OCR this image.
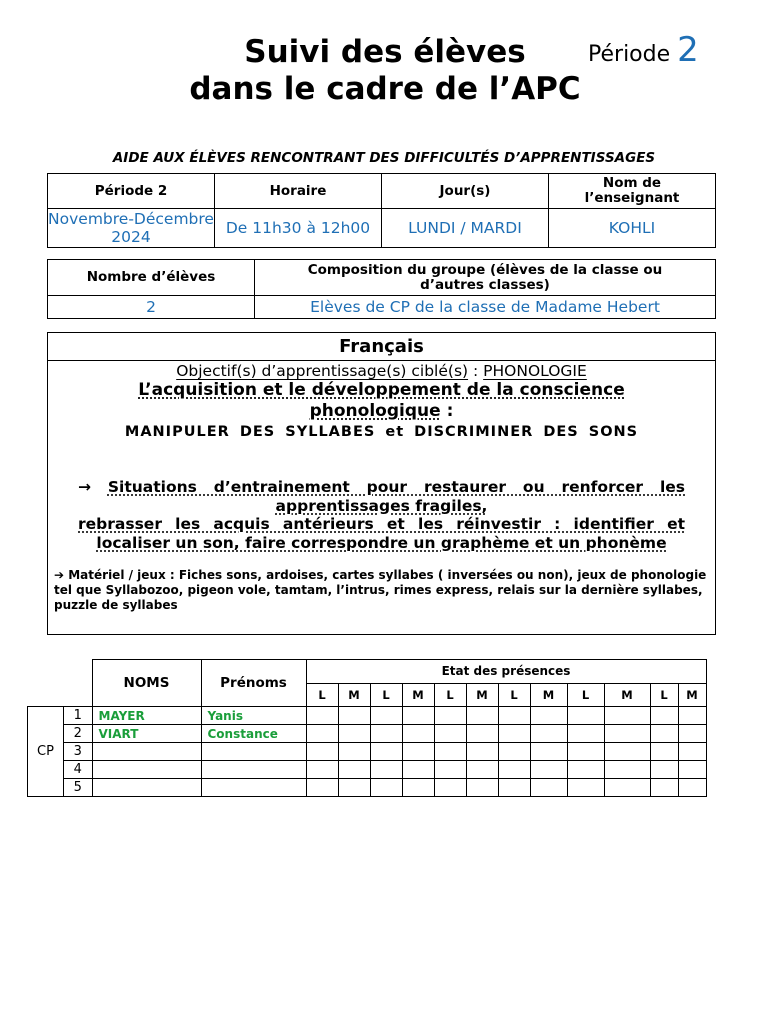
Suivi des élèves
dans le cadre de l’APC
Période 2
AIDE AUX ÉLÈVES RENCONTRANT DES DIFFICULTÉS D’APPRENTISSAGES
Période 2	Horaire	Jour(s)	Nom de l’enseignant
Novembre-Décembre 2024	De 11h30 à 12h00	LUNDI / MARDI	KOHLI
Nombre d’élèves	Composition du groupe (élèves de la classe ou d’autres classes)
2	Elèves de CP de la classe de Madame Hebert
Français
Objectif(s) d’apprentissage(s) ciblé(s) : PHONOLOGIE
L’acquisition et le développement de la conscience
phonologique :
MANIPULER DES SYLLABES et DISCRIMINER DES SONS
→ Situations d’entrainement pour restaurer ou renforcer les
apprentissages fragiles,
rebrasser les acquis antérieurs et les réinvestir : identifier et
localiser un son, faire correspondre un graphème et un phonème
➔ Matériel / jeux : Fiches sons, ardoises, cartes syllabes ( inversées ou non), jeux de phonologie tel que Syllabozoo, pigeon vole, tamtam, l’intrus, rimes express, relais sur la dernière syllabes, puzzle de syllabes
		NOMS	Prénoms	Etat des présences											
				L	M	L	M	L	M	L	M	L	M	L	M
CP	1	MAYER	Yanis												
	2	VIART	Constance												
	3														
	4														
	5														
